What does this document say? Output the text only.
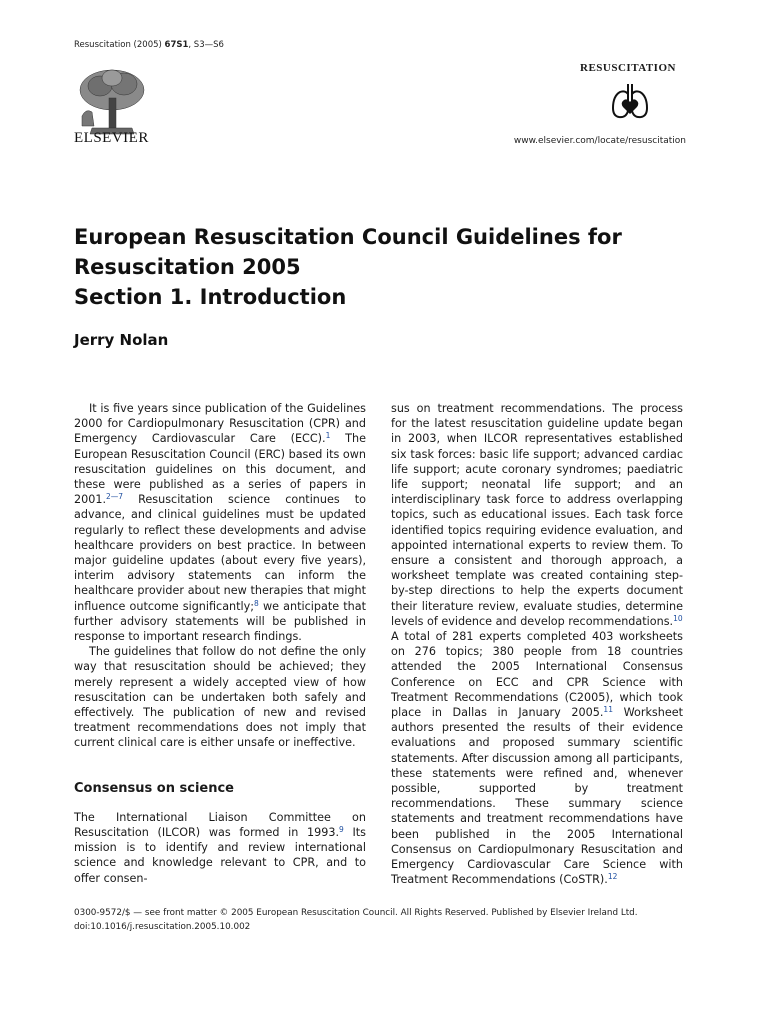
Resuscitation (2005) 67S1, S3—S6
ELSEVIER
RESUSCITATION
www.elsevier.com/locate/resuscitation
European Resuscitation Council Guidelines for
Resuscitation 2005
Section 1. Introduction
Jerry Nolan

It is five years since publication of the Guidelines 2000 for Cardiopulmonary Resuscitation (CPR) and Emergency Cardiovascular Care (ECC).$^1$ The European Resuscitation Council (ERC) based its own resuscitation guidelines on this document, and these were published as a series of papers in 2001.$^{2—7}$ Resuscitation science continues to advance, and clinical guidelines must be updated regularly to reflect these developments and advise healthcare providers on best practice. In between major guideline updates (about every five years), interim advisory statements can inform the healthcare provider about new therapies that might influence outcome significantly;$^8$ we anticipate that further advisory statements will be published in response to important research findings.

The guidelines that follow do not define the only way that resuscitation should be achieved; they merely represent a widely accepted view of how resuscitation can be undertaken both safely and effectively. The publication of new and revised treatment recommendations does not imply that current clinical care is either unsafe or ineffective.

Consensus on science

The International Liaison Committee on Resuscitation (ILCOR) was formed in 1993.$^9$ Its mission is to identify and review international science and knowledge relevant to CPR, and to offer consen-

sus on treatment recommendations. The process for the latest resuscitation guideline update began in 2003, when ILCOR representatives established six task forces: basic life support; advanced cardiac life support; acute coronary syndromes; paediatric life support; neonatal life support; and an interdisciplinary task force to address overlapping topics, such as educational issues. Each task force identified topics requiring evidence evaluation, and appointed international experts to review them. To ensure a consistent and thorough approach, a worksheet template was created containing step-by-step directions to help the experts document their literature review, evaluate studies, determine levels of evidence and develop recommendations.$^{10}$

A total of 281 experts completed 403 worksheets on 276 topics; 380 people from 18 countries attended the 2005 International Consensus Conference on ECC and CPR Science with Treatment Recommendations (C2005), which took place in Dallas in January 2005.11 Worksheet authors presented the results of their evidence evaluations and proposed summary scientific statements. After discussion among all participants, these statements were refined and, whenever possible, supported by treatment recommendations. These summary science statements and treatment recommendations have been published in the 2005 International Consensus on Cardiopulmonary Resuscitation and Emergency Cardiovascular Care Science with Treatment Recommendations (CoSTR).$^{12}$

0300-9572/$ — see front matter © 2005 European Resuscitation Council. All Rights Reserved. Published by Elsevier Ireland Ltd.
doi:10.1016/j.resuscitation.2005.10.002
